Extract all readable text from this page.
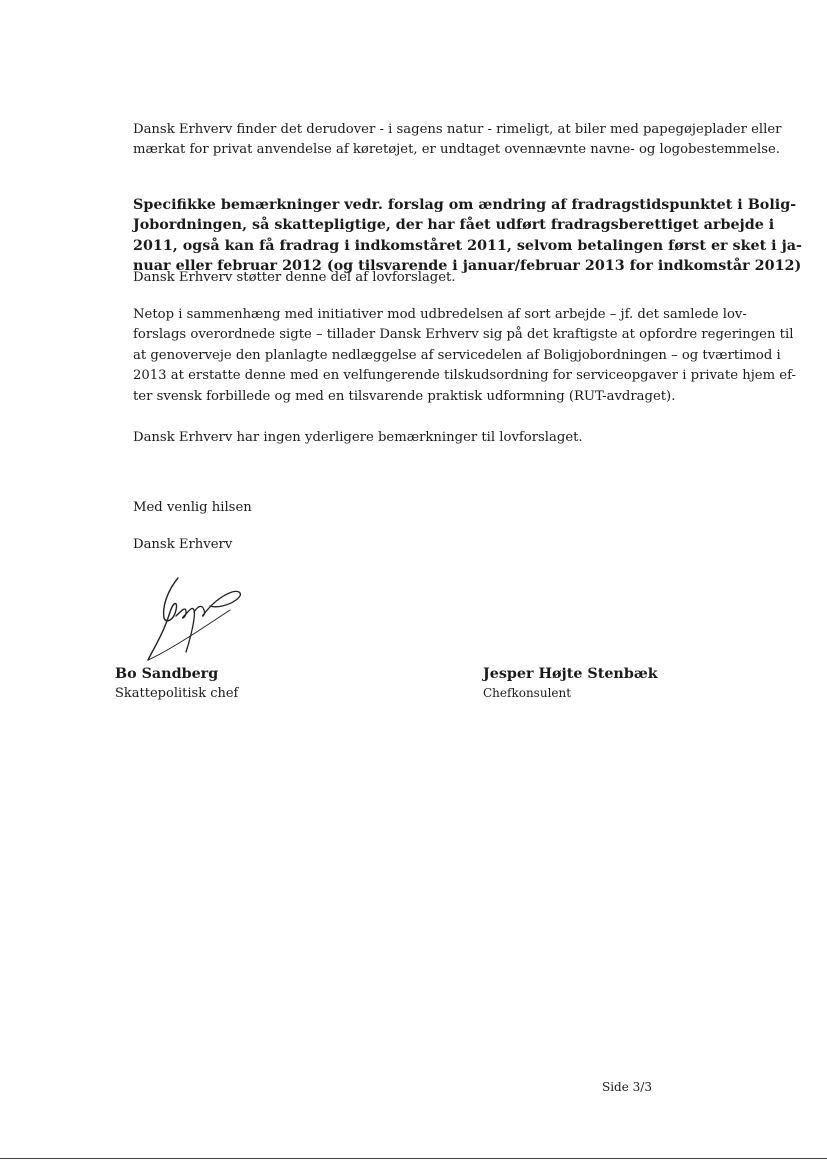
Dansk Erhverv finder det derudover - i sagens natur - rimeligt, at biler med papegøjeplader eller
mærkat for privat anvendelse af køretøjet, er undtaget ovennævnte navne- og logobestemmelse.

Specifikke bemærkninger vedr. forslag om ændring af fradragstidspunktet i Bolig-
Jobordningen, så skattepligtige, der har fået udført fradragsberettiget arbejde i
2011, også kan få fradrag i indkomståret 2011, selvom betalingen først er sket i ja-
nuar eller februar 2012 (og tilsvarende i januar/februar 2013 for indkomstår 2012)

Dansk Erhverv støtter denne del af lovforslaget.

Netop i sammenhæng med initiativer mod udbredelsen af sort arbejde – jf. det samlede lov-
forslags overordnede sigte – tillader Dansk Erhverv sig på det kraftigste at opfordre regeringen til
at genoverveje den planlagte nedlæggelse af servicedelen af Boligjobordningen – og tværtimod i
2013 at erstatte denne med en velfungerende tilskudsordning for serviceopgaver i private hjem ef-
ter svensk forbillede og med en tilsvarende praktisk udformning (RUT-avdraget).

Dansk Erhverv har ingen yderligere bemærkninger til lovforslaget.

Med venlig hilsen

Dansk Erhverv

Bo Sandberg
Skattepolitisk chef
Jesper Højte Stenbæk
Chefkonsulent
Side 3/3
